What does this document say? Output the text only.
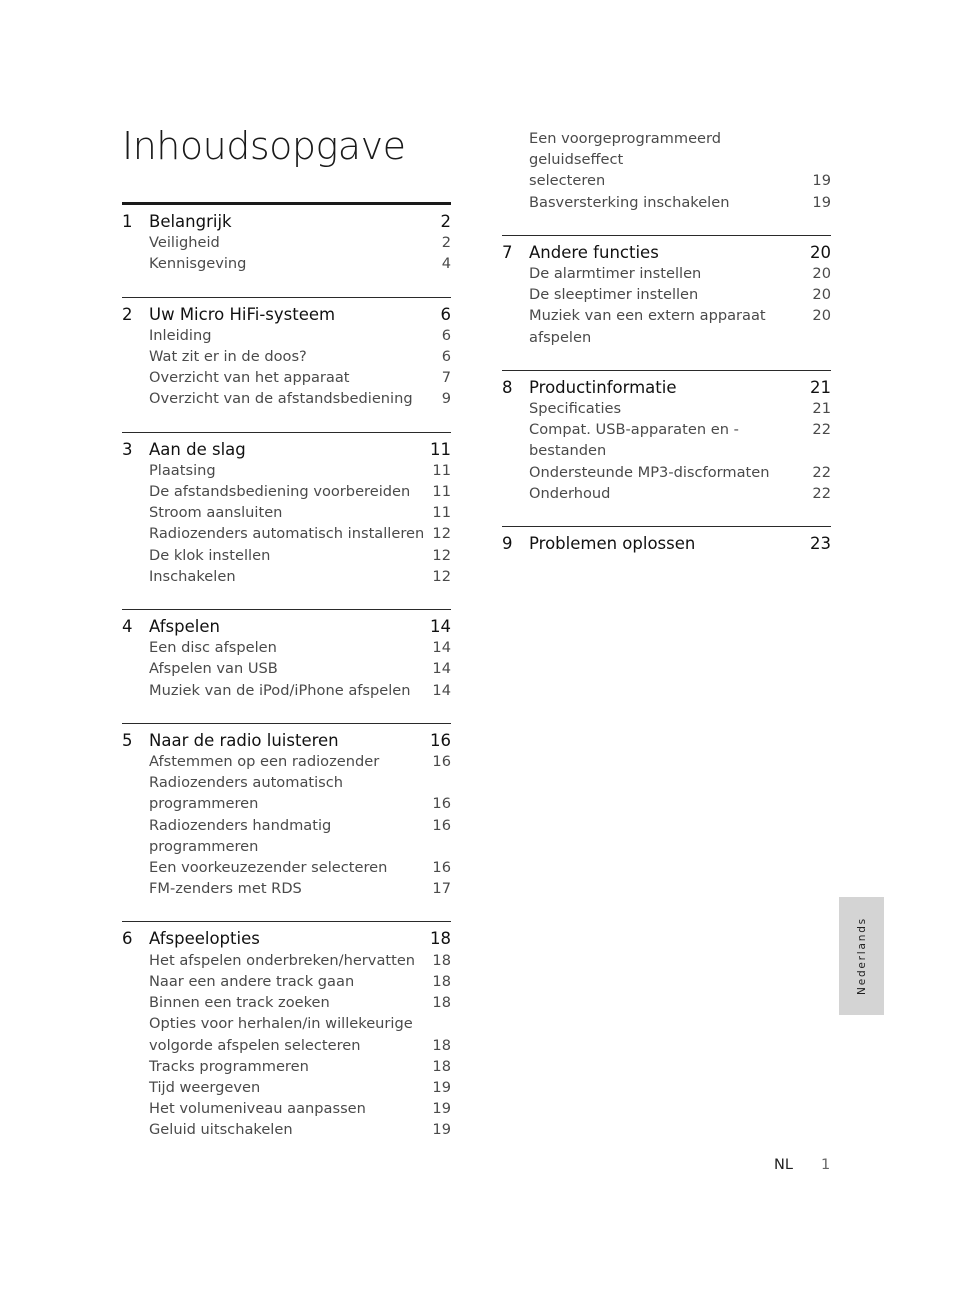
Inhoudsopgave
1	Belangrijk	2
Veiligheid	2
Kennisgeving	4
2	Uw Micro HiFi-systeem	6
Inleiding	6
Wat zit er in de doos?	6
Overzicht van het apparaat	7
Overzicht van de afstandsbediening	9
3	Aan de slag	11
Plaatsing	11
De afstandsbediening voorbereiden	11
Stroom aansluiten	11
Radiozenders automatisch installeren 12
De klok instellen	12
Inschakelen	12
4	Afspelen	14
Een disc afspelen	14
Afspelen van USB	14
Muziek van de iPod/iPhone afspelen	14
5	Naar de radio luisteren	16
Afstemmen op een radiozender	16
Radiozenders automatisch
programmeren	16
Radiozenders handmatig programmeren
16
Een voorkeuzezender selecteren	16
FM-zenders met RDS	17
6	Afspeelopties	18
Het afspelen onderbreken/hervatten	18
Naar een andere track gaan	18
Binnen een track zoeken	18
Opties voor herhalen/in willekeurige
volgorde afspelen selecteren	18
Tracks programmeren	18
Tijd weergeven	19
Het volumeniveau aanpassen	19
Geluid uitschakelen	19
Een voorgeprogrammeerd geluidseffect
selecteren	19
Basversterking inschakelen	19
7	Andere functies	20
De alarmtimer instellen	20
De sleeptimer instellen	20
Muziek van een extern apparaat afspelen
20
8	Productinformatie	21
Specificaties	21
Compat. USB-apparaten en -bestanden
22
Ondersteunde MP3-discformaten	22
Onderhoud	22
9	Problemen oplossen	23
Nederlands
NL 1
